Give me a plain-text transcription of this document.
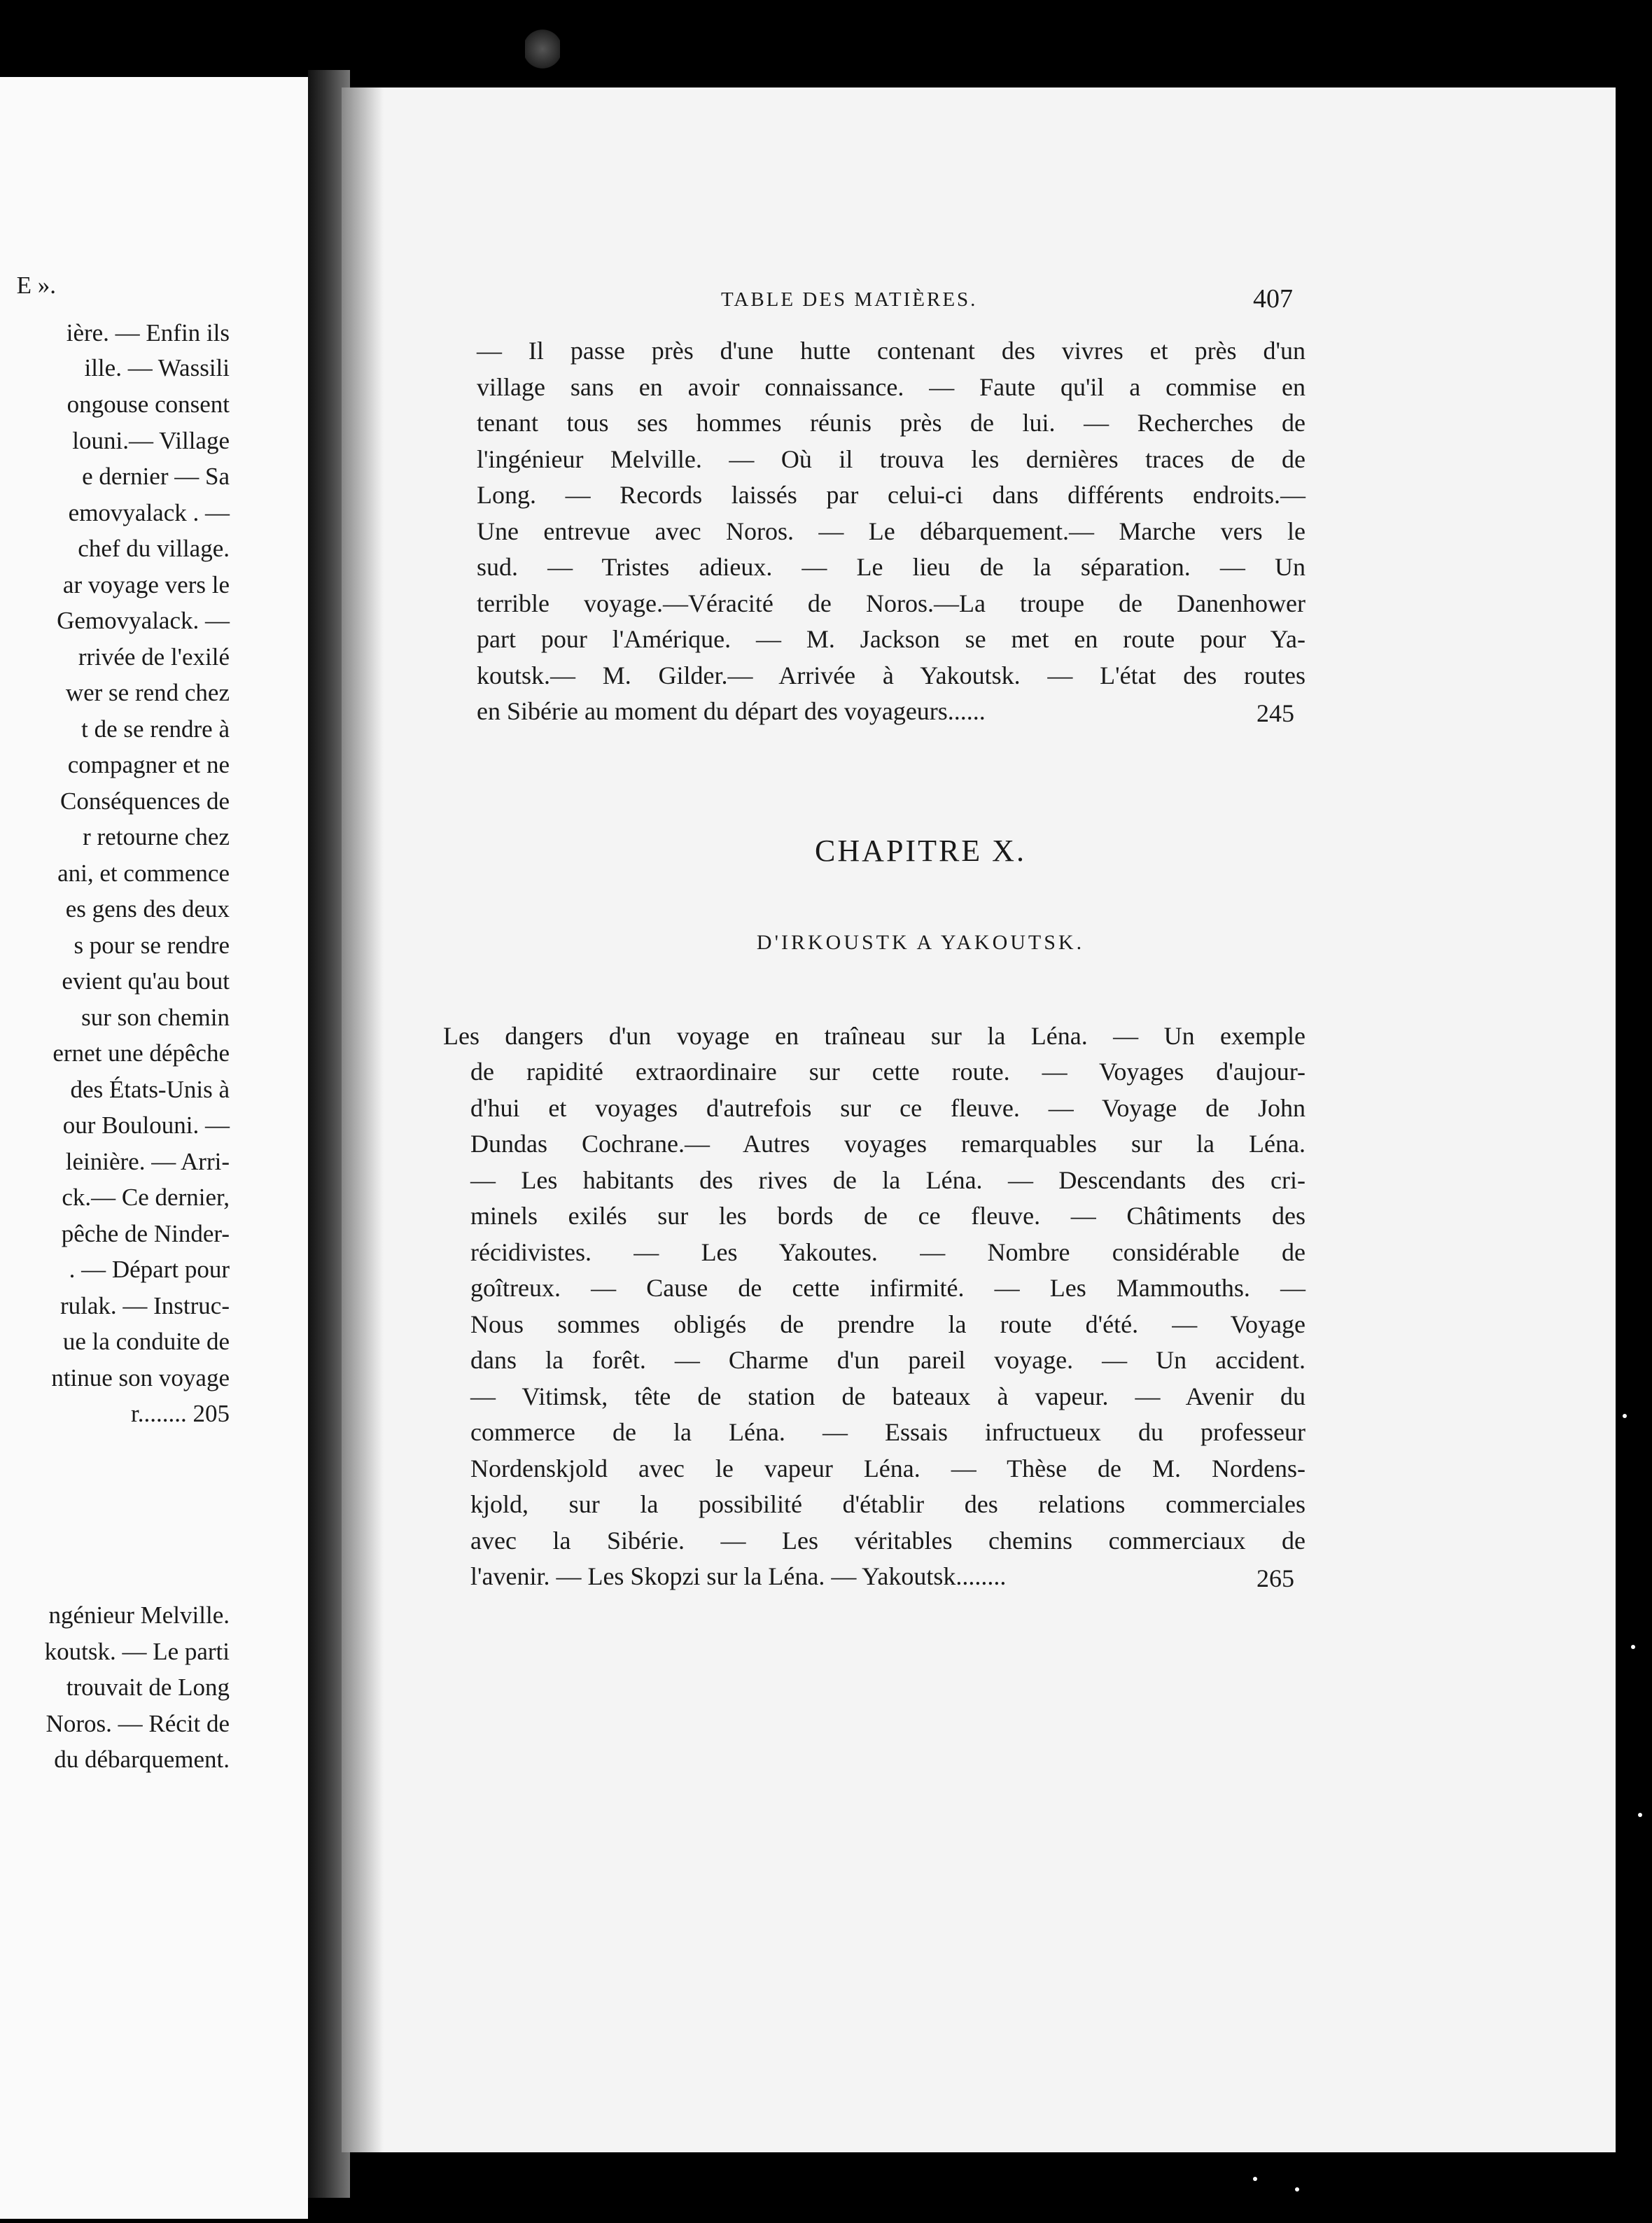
E ».
ière. — Enfin ils
ille. — Wassili
ongouse consent
louni.— Village
e dernier — Sa
emovyalack . —
chef du village.
ar voyage vers le
Gemovyalack. —
rrivée de l'exilé
wer se rend chez
t de se rendre à
compagner et ne
Conséquences de
r retourne chez
ani, et commence
es gens des deux
s pour se rendre
evient qu'au bout
sur son chemin
ernet une dépêche
des États-Unis à
our Boulouni. —
leinière. — Arri-
ck.— Ce dernier,
pêche de Ninder-
. — Départ pour
rulak. — Instruc-
ue la conduite de
ntinue son voyage
r........ 205
ngénieur Melville.
koutsk. — Le parti
trouvait de Long
Noros. — Récit de
du débarquement.
TABLE DES MATIÈRES.	407
— Il passe près d'une hutte contenant des vivres et près d'un
village sans en avoir connaissance. — Faute qu'il a commise en
tenant tous ses hommes réunis près de lui. — Recherches de
l'ingénieur Melville. — Où il trouva les dernières traces de de
Long. — Records laissés par celui-ci dans différents endroits.—
Une entrevue avec Noros. — Le débarquement.— Marche vers le
sud. — Tristes adieux. — Le lieu de la séparation. — Un
terrible voyage.—Véracité de Noros.—La troupe de Danenhower
part pour l'Amérique. — M. Jackson se met en route pour Ya-
koutsk.— M. Gilder.— Arrivée à Yakoutsk. — L'état des routes
en Sibérie au moment du départ des voyageurs......	245
CHAPITRE X.
D'IRKOUSTK A YAKOUTSK.
Les dangers d'un voyage en traîneau sur la Léna. — Un exemple
de rapidité extraordinaire sur cette route. — Voyages d'aujour-
d'hui et voyages d'autrefois sur ce fleuve. — Voyage de John
Dundas Cochrane.— Autres voyages remarquables sur la Léna.
— Les habitants des rives de la Léna. — Descendants des cri-
minels exilés sur les bords de ce fleuve. — Châtiments des
récidivistes. — Les Yakoutes. — Nombre considérable de
goîtreux. — Cause de cette infirmité. — Les Mammouths. —
Nous sommes obligés de prendre la route d'été. — Voyage
dans la forêt. — Charme d'un pareil voyage. — Un accident.
— Vitimsk, tête de station de bateaux à vapeur. — Avenir du
commerce de la Léna. — Essais infructueux du professeur
Nordenskjold avec le vapeur Léna. — Thèse de M. Nordens-
kjold, sur la possibilité d'établir des relations commerciales
avec la Sibérie. — Les véritables chemins commerciaux de
l'avenir. — Les Skopzi sur la Léna. — Yakoutsk........	265
